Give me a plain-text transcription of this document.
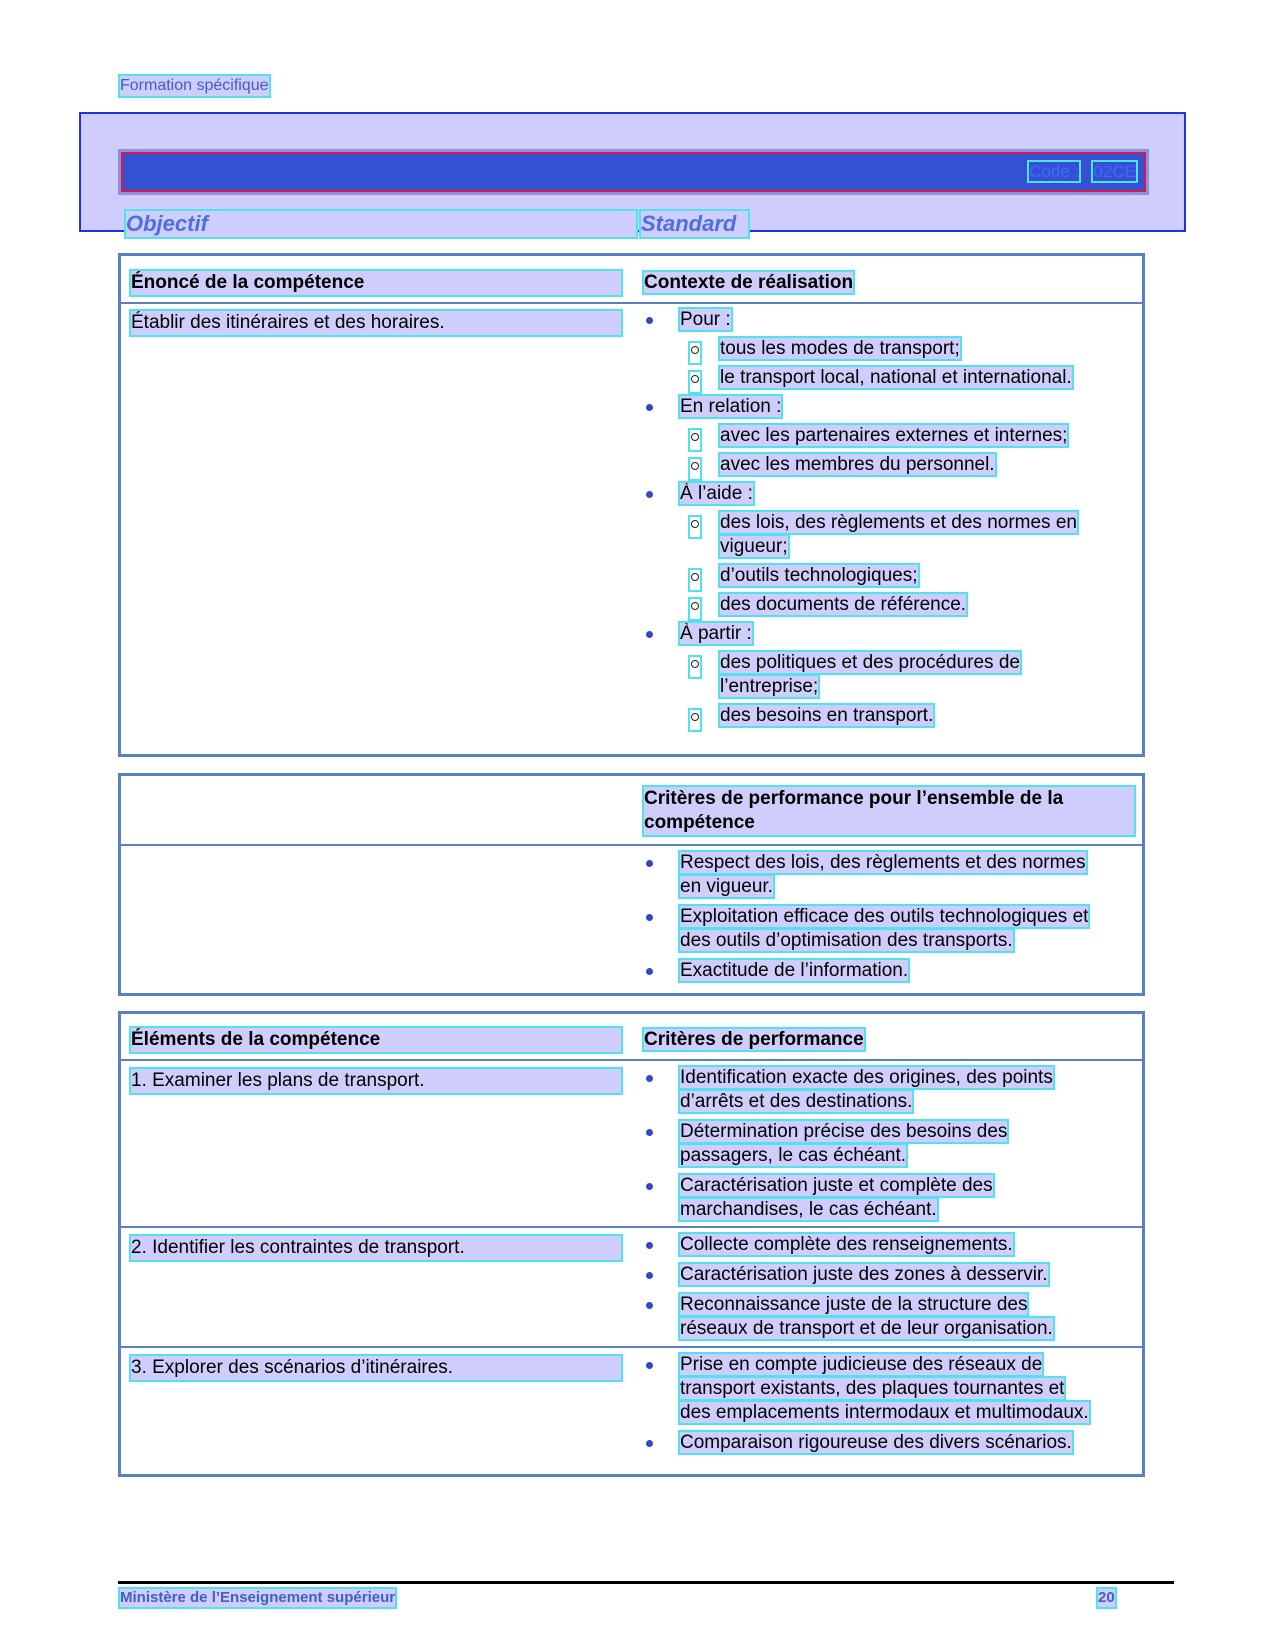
Formation spécifique
Code : 02CE
Objectif	Standard
Énoncé de la compétence	Contexte de réalisation
Établir des itinéraires et des horaires.	Pour :
tous les modes de transport;
le transport local, national et international.
En relation :
avec les partenaires externes et internes;
avec les membres du personnel.
À l’aide :
des lois, des règlements et des normes en
vigueur;
d’outils technologiques;
des documents de référence.
À partir :
des politiques et des procédures de
l’entreprise;
des besoins en transport.
Critères de performance pour l’ensemble de la
compétence
Respect des lois, des règlements et des normes
en vigueur.
Exploitation efficace des outils technologiques et
des outils d’optimisation des transports.
Exactitude de l’information.
Éléments de la compétence	Critères de performance
1. Examiner les plans de transport.	Identification exacte des origines, des points
d’arrêts et des destinations.
Détermination précise des besoins des
passagers, le cas échéant.
Caractérisation juste et complète des
marchandises, le cas échéant.
2. Identifier les contraintes de transport.	Collecte complète des renseignements.
Caractérisation juste des zones à desservir.
Reconnaissance juste de la structure des
réseaux de transport et de leur organisation.
3. Explorer des scénarios d’itinéraires.	Prise en compte judicieuse des réseaux de
transport existants, des plaques tournantes et
des emplacements intermodaux et multimodaux.
Comparaison rigoureuse des divers scénarios.
Ministère de l’Enseignement supérieur	20
